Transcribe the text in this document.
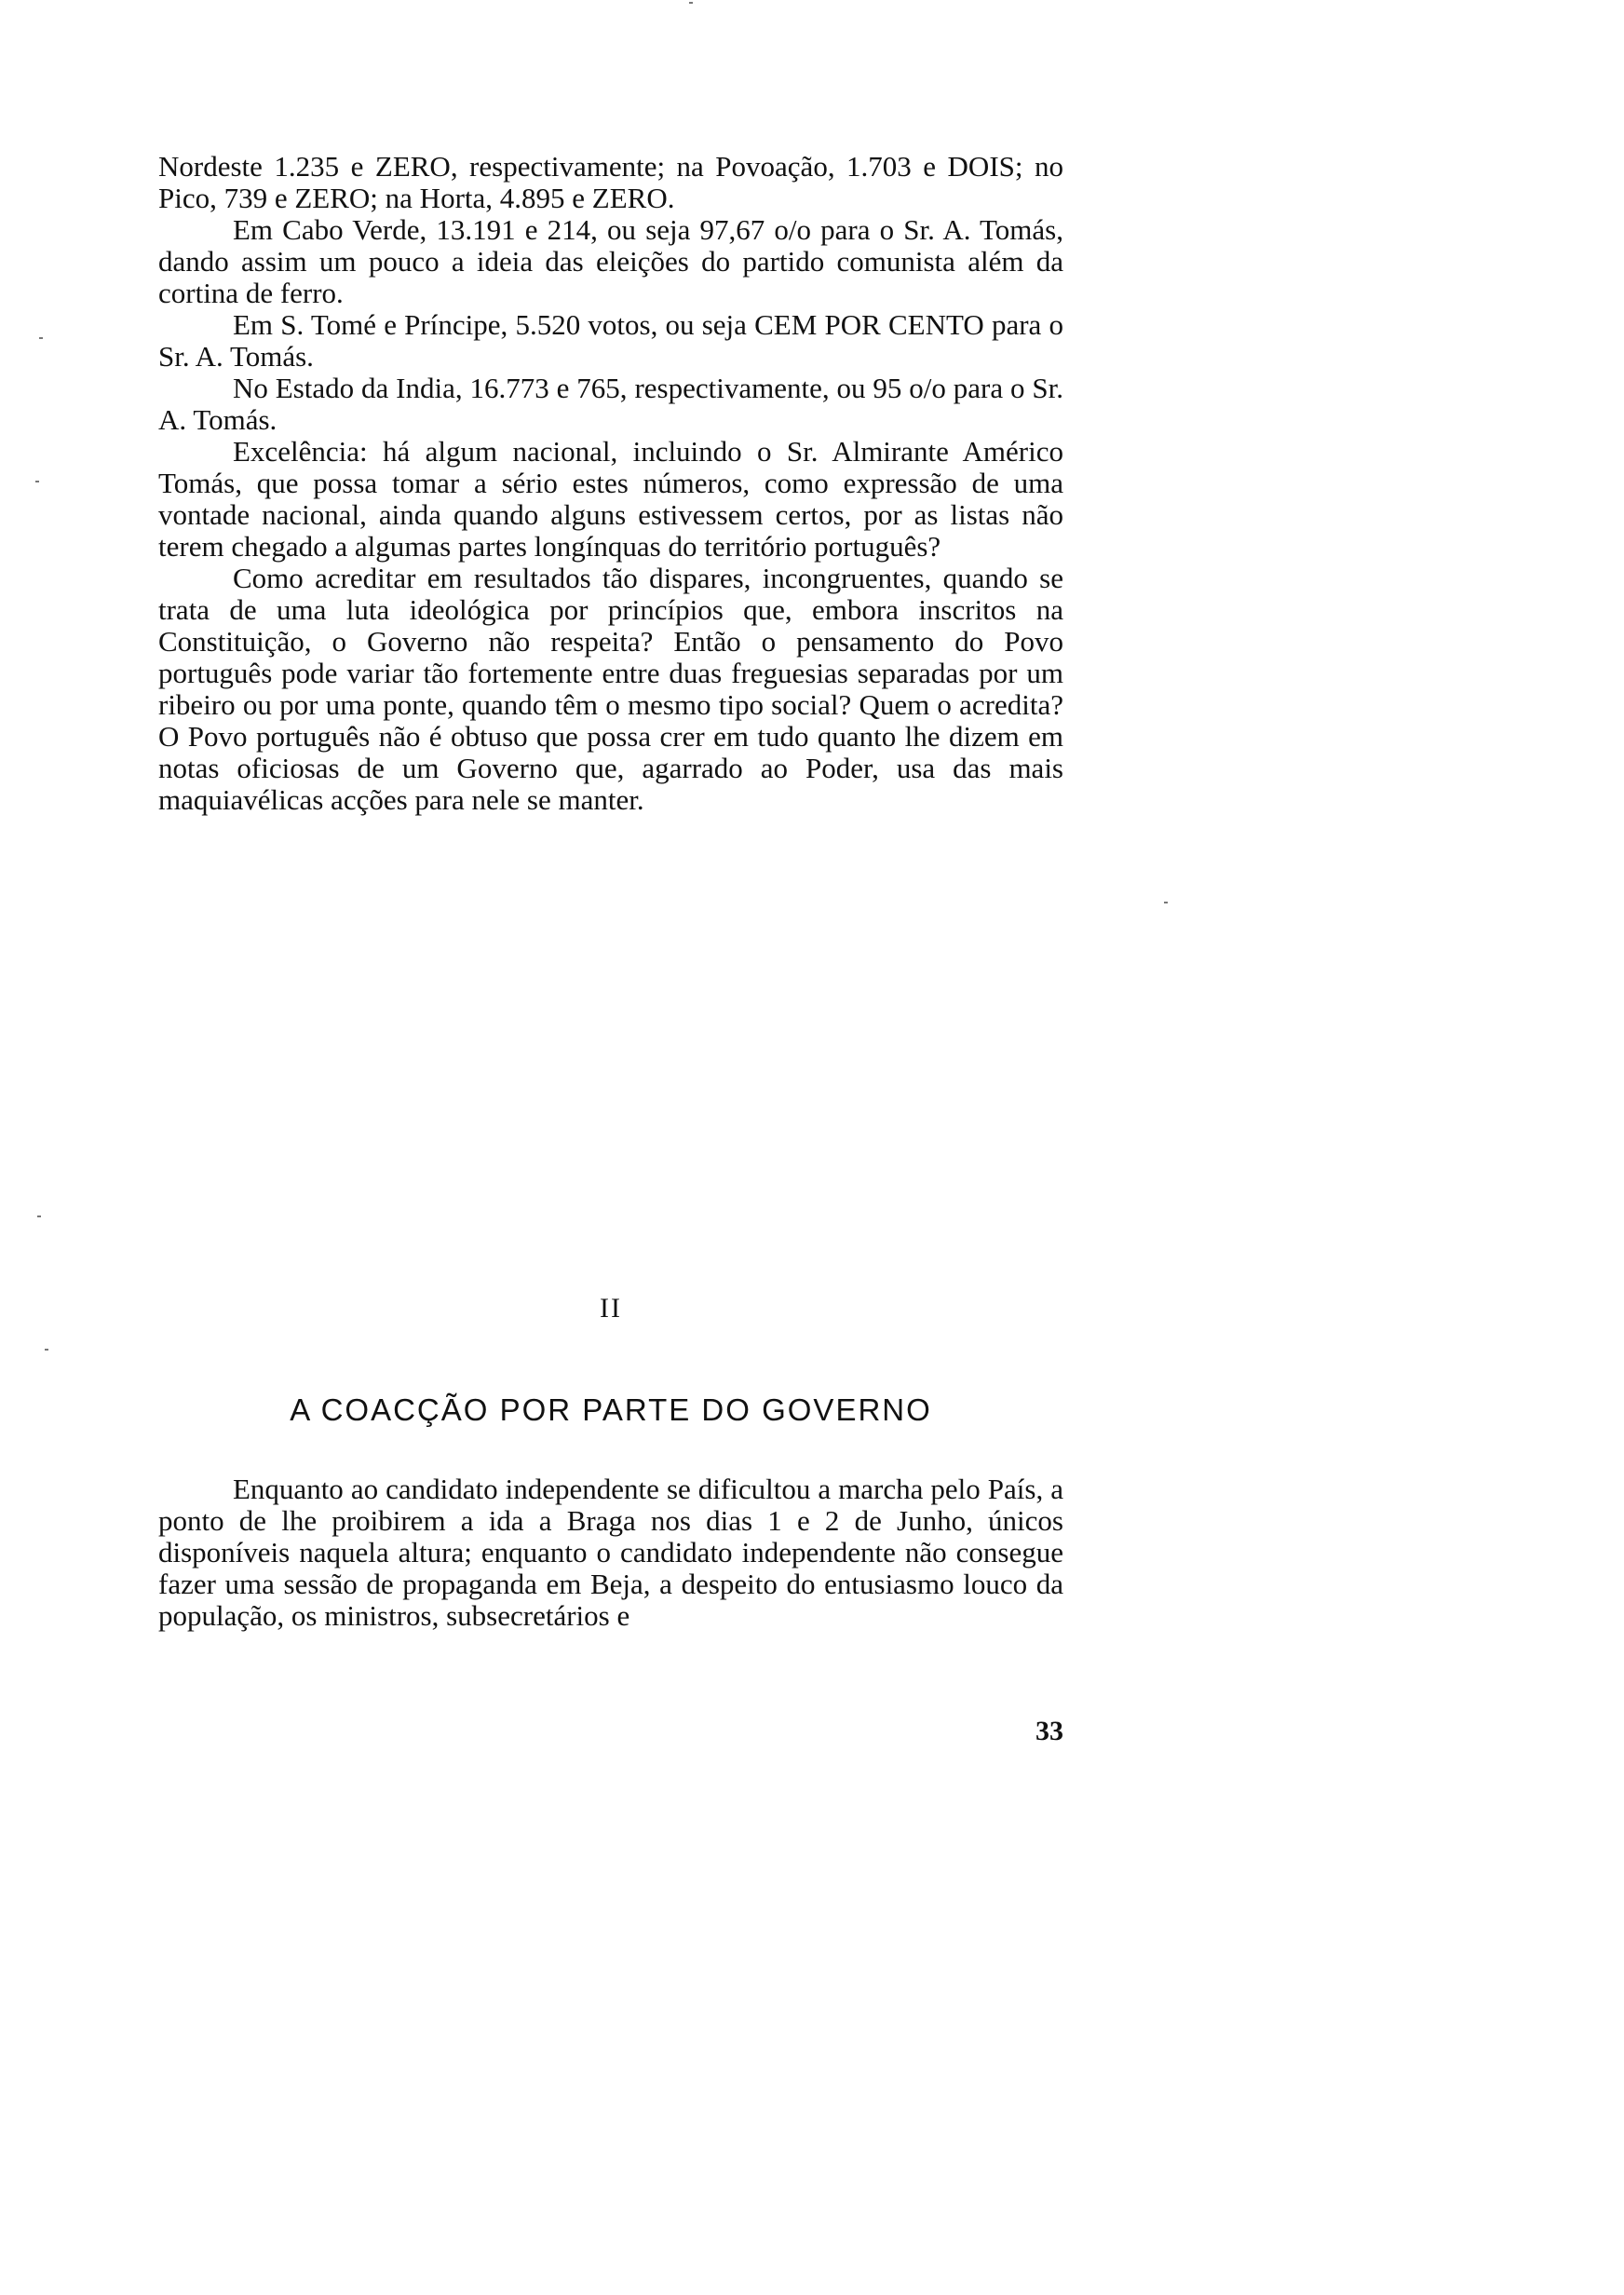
Nordeste 1.235 e ZERO, respectivamente; na Povoação, 1.703 e DOIS; no Pico, 739 e ZERO; na Horta, 4.895 e ZERO.

Em Cabo Verde, 13.191 e 214, ou seja 97,67 o/o para o Sr. A. Tomás, dando assim um pouco a ideia das eleições do partido comunista além da cortina de ferro.

Em S. Tomé e Príncipe, 5.520 votos, ou seja CEM POR CENTO para o Sr. A. Tomás.

No Estado da India, 16.773 e 765, respectivamente, ou 95 o/o para o Sr. A. Tomás.

Excelência: há algum nacional, incluindo o Sr. Almirante Américo Tomás, que possa tomar a sério estes números, como expressão de uma vontade nacional, ainda quando alguns estivessem certos, por as listas não terem chegado a algumas partes longínquas do território português?

Como acreditar em resultados tão dispares, incongruentes, quando se trata de uma luta ideológica por princípios que, embora inscritos na Constituição, o Governo não respeita? Então o pensamento do Povo português pode variar tão fortemente entre duas freguesias separadas por um ribeiro ou por uma ponte, quando têm o mesmo tipo social? Quem o acredita? O Povo português não é obtuso que possa crer em tudo quanto lhe dizem em notas oficiosas de um Governo que, agarrado ao Poder, usa das mais maquiavélicas acções para nele se manter.

II
A COACÇÃO POR PARTE DO GOVERNO

Enquanto ao candidato independente se dificultou a marcha pelo País, a ponto de lhe proibirem a ida a Braga nos dias 1 e 2 de Junho, únicos disponíveis naquela altura; enquanto o candidato independente não consegue fazer uma sessão de propaganda em Beja, a despeito do entusiasmo louco da população, os ministros, subsecretários e

33
